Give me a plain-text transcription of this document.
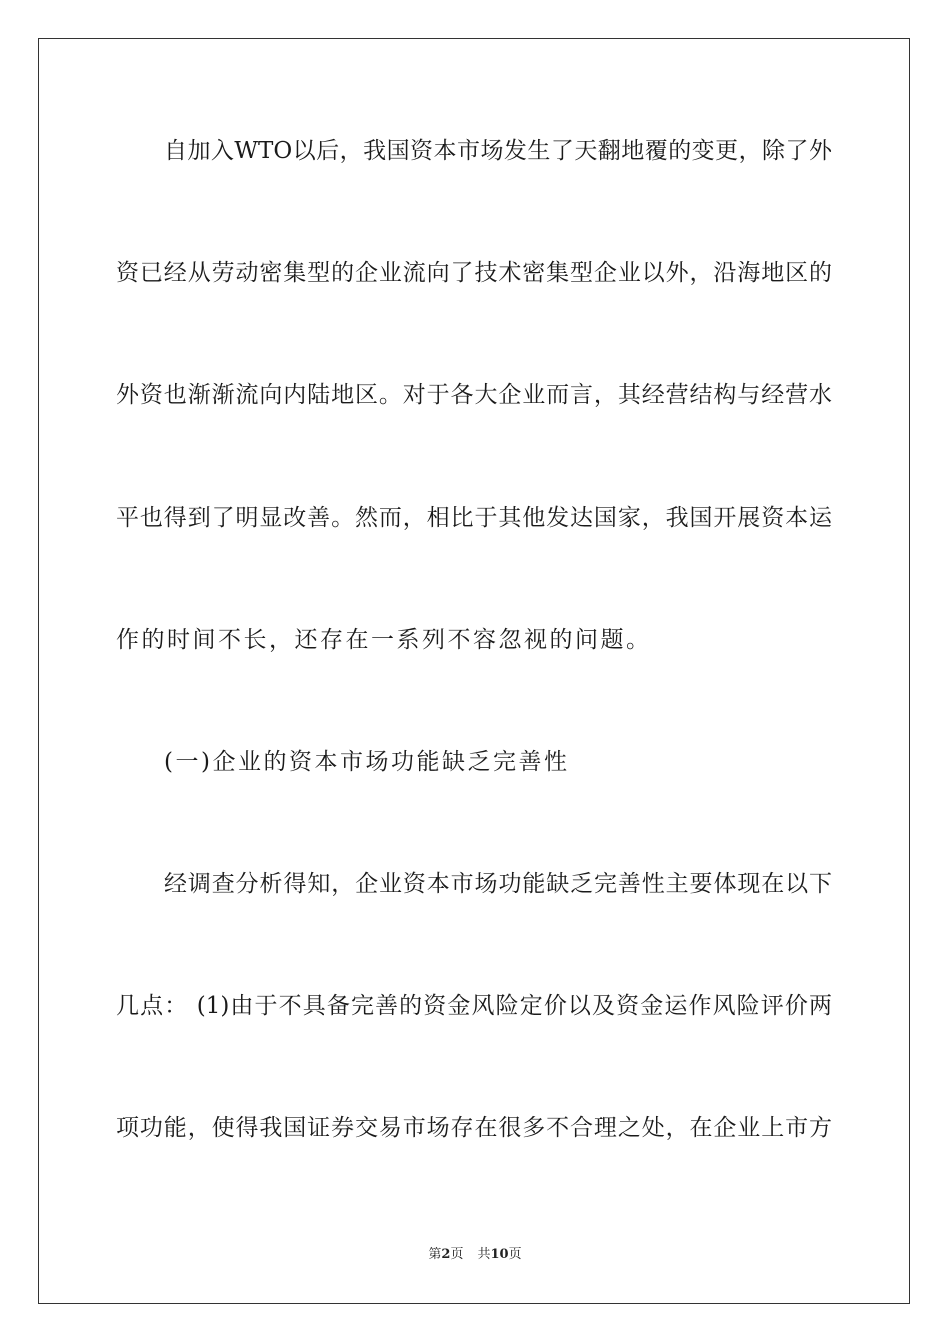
自加入WTO以后，我国资本市场发生了天翻地覆的变更，除了外
资已经从劳动密集型的企业流向了技术密集型企业以外，沿海地区的
外资也渐渐流向内陆地区。对于各大企业而言，其经营结构与经营水
平也得到了明显改善。然而，相比于其他发达国家，我国开展资本运
作的时间不长，还存在一系列不容忽视的问题。
(一)企业的资本市场功能缺乏完善性
经调查分析得知，企业资本市场功能缺乏完善性主要体现在以下
几点： (1)由于不具备完善的资金风险定价以及资金运作风险评价两
项功能，使得我国证券交易市场存在很多不合理之处，在企业上市方
第2页 共10页
